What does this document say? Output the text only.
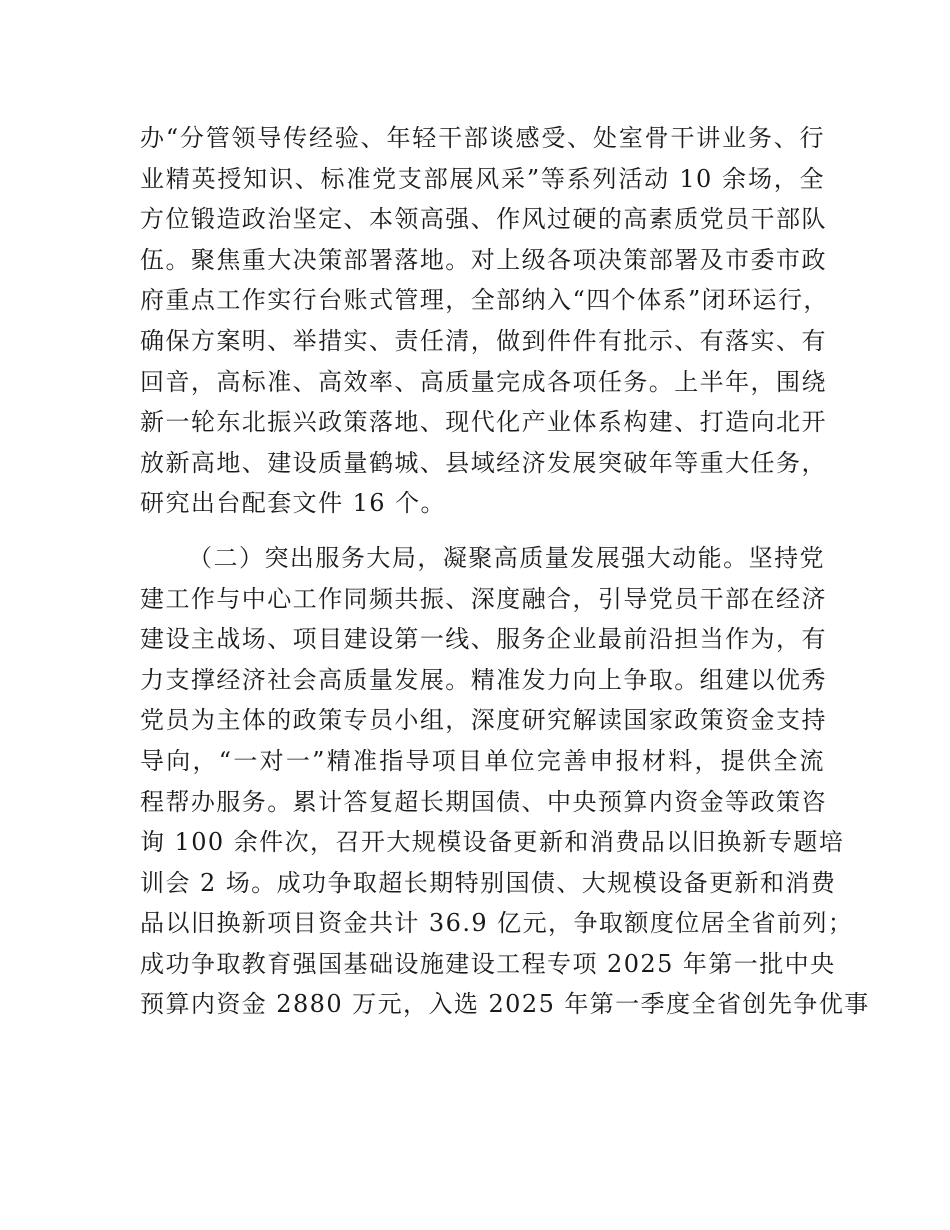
办“分管领导传经验、年轻干部谈感受、处室骨干讲业务、行
业精英授知识、标准党支部展风采”等系列活动 10 余场，全
方位锻造政治坚定、本领高强、作风过硬的高素质党员干部队
伍。聚焦重大决策部署落地。对上级各项决策部署及市委市政
府重点工作实行台账式管理，全部纳入“四个体系”闭环运行，
确保方案明、举措实、责任清，做到件件有批示、有落实、有
回音，高标准、高效率、高质量完成各项任务。上半年，围绕
新一轮东北振兴政策落地、现代化产业体系构建、打造向北开
放新高地、建设质量鹤城、县域经济发展突破年等重大任务，
研究出台配套文件 16 个。
（二）突出服务大局，凝聚高质量发展强大动能。坚持党
建工作与中心工作同频共振、深度融合，引导党员干部在经济
建设主战场、项目建设第一线、服务企业最前沿担当作为，有
力支撑经济社会高质量发展。精准发力向上争取。组建以优秀
党员为主体的政策专员小组，深度研究解读国家政策资金支持
导向，“一对一”精准指导项目单位完善申报材料，提供全流
程帮办服务。累计答复超长期国债、中央预算内资金等政策咨
询 100 余件次，召开大规模设备更新和消费品以旧换新专题培
训会 2 场。成功争取超长期特别国债、大规模设备更新和消费
品以旧换新项目资金共计 36.9 亿元，争取额度位居全省前列；
成功争取教育强国基础设施建设工程专项 2025 年第一批中央
预算内资金 2880 万元，入选 2025 年第一季度全省创先争优事
